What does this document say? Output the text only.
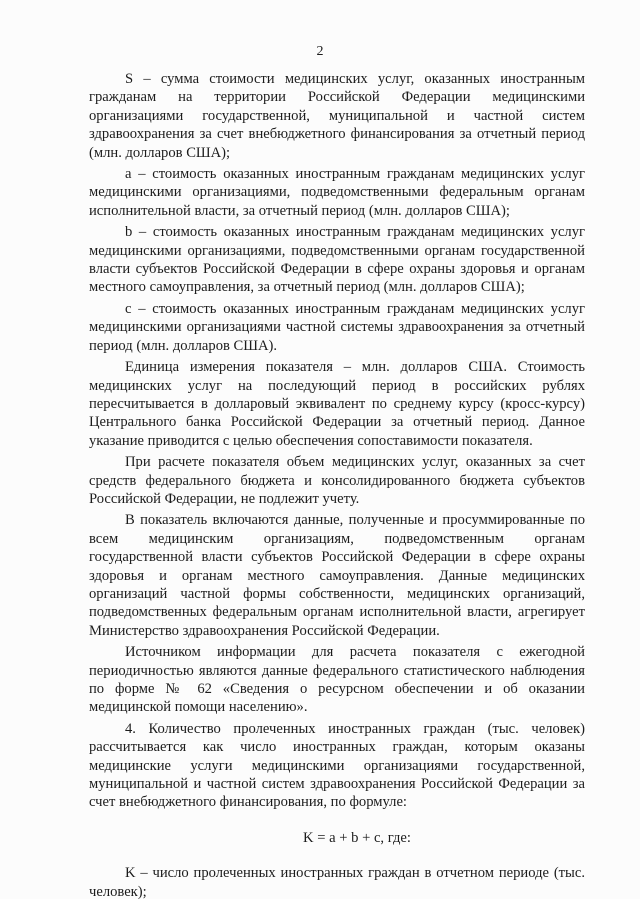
2

S – сумма стоимости медицинских услуг, оказанных иностранным гражданам на территории Российской Федерации медицинскими организациями государственной, муниципальной и частной систем здравоохранения за счет внебюджетного финансирования за отчетный период (млн. долларов США);

a – стоимость оказанных иностранным гражданам медицинских услуг медицинскими организациями, подведомственными федеральным органам исполнительной власти, за отчетный период (млн. долларов США);

b – стоимость оказанных иностранным гражданам медицинских услуг медицинскими организациями, подведомственными органам государственной власти субъектов Российской Федерации в сфере охраны здоровья и органам местного самоуправления, за отчетный период (млн. долларов США);

c – стоимость оказанных иностранным гражданам медицинских услуг медицинскими организациями частной системы здравоохранения за отчетный период (млн. долларов США).

Единица измерения показателя – млн. долларов США. Стоимость медицинских услуг на последующий период в российских рублях пересчитывается в долларовый эквивалент по среднему курсу (кросс-курсу) Центрального банка Российской Федерации за отчетный период. Данное указание приводится с целью обеспечения сопоставимости показателя.

При расчете показателя объем медицинских услуг, оказанных за счет средств федерального бюджета и консолидированного бюджета субъектов Российской Федерации, не подлежит учету.

В показатель включаются данные, полученные и просуммированные по всем медицинским организациям, подведомственным органам государственной власти субъектов Российской Федерации в сфере охраны здоровья и органам местного самоуправления. Данные медицинских организаций частной формы собственности, медицинских организаций, подведомственных федеральным органам исполнительной власти, агрегирует Министерство здравоохранения Российской Федерации.

Источником информации для расчета показателя с ежегодной периодичностью являются данные федерального статистического наблюдения по форме № 62 «Сведения о ресурсном обеспечении и об оказании медицинской помощи населению».

4. Количество пролеченных иностранных граждан (тыс. человек) рассчитывается как число иностранных граждан, которым оказаны медицинские услуги медицинскими организациями государственной, муниципальной и частной систем здравоохранения Российской Федерации за счет внебюджетного финансирования, по формуле:

K = a + b + c, где:

K – число пролеченных иностранных граждан в отчетном периоде (тыс. человек);
